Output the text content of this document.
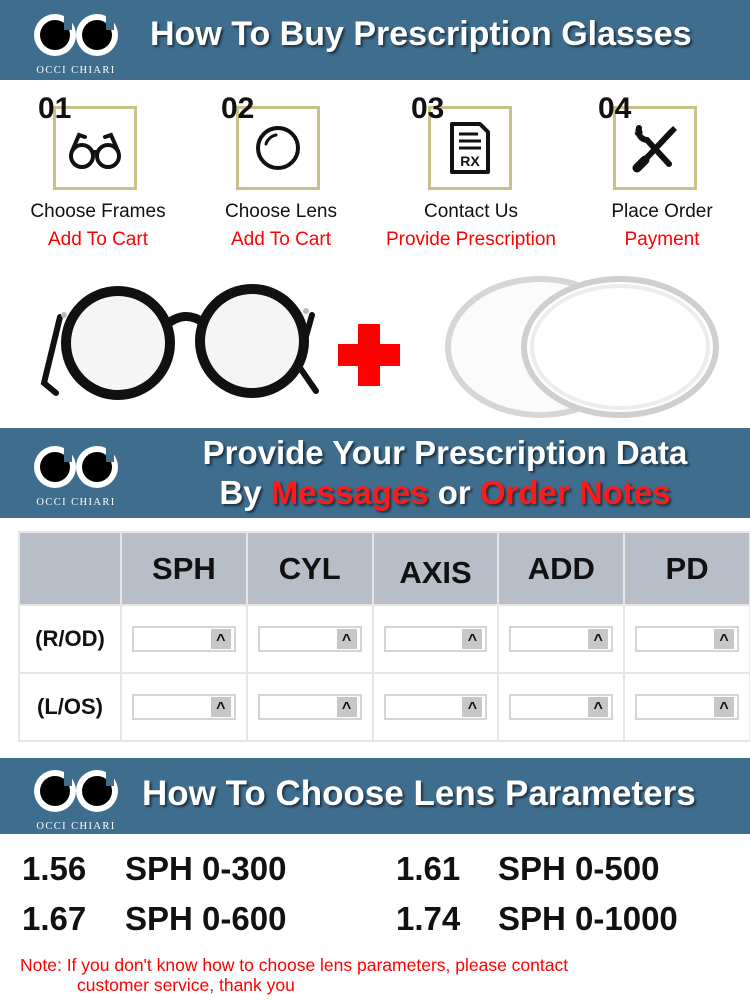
OCCI CHIARI
How To Buy Prescription Glasses
01
Choose Frames
Add To Cart
02
Choose Lens
Add To Cart
RX
03
Contact Us
Provide Prescription
04
Place Order
Payment
OCCI CHIARI
Provide Your Prescription Data
By Messages or Order Notes
	SPH	CYL	AXIS	ADD	PD
(R/OD)	^	^	^	^	^

(L/OS)	^	^	^	^	^
OCCI CHIARI
How To Choose Lens Parameters
1.56 SPH 0-300	1.61 SPH 0-500
1.67 SPH 0-600	1.74 SPH 0-1000
Note: If you don't know how to choose lens parameters, please contact
customer service, thank you
